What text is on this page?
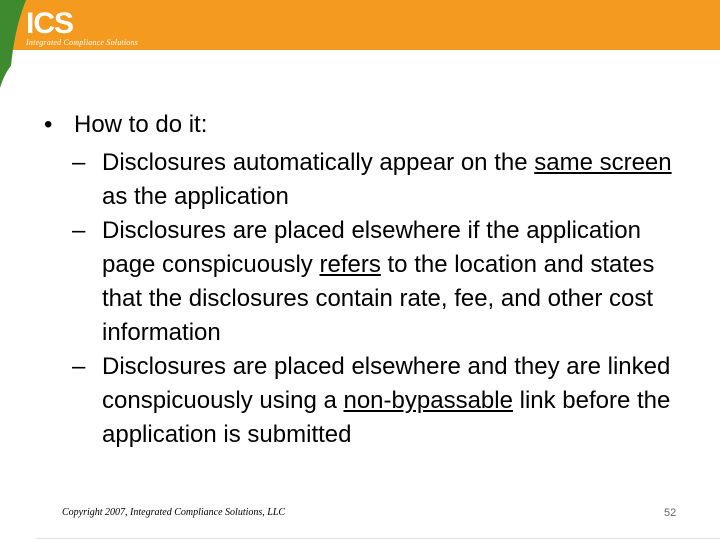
ICS
Integrated Compliance Solutions
• How to do it:
– Disclosures automatically appear on the same screen as the application
– Disclosures are placed elsewhere if the application page conspicuously refers to the location and states that the disclosures contain rate, fee, and other cost information
– Disclosures are placed elsewhere and they are linked conspicuously using a non-bypassable link before the application is submitted
Copyright 2007, Integrated Compliance Solutions, LLC	52
